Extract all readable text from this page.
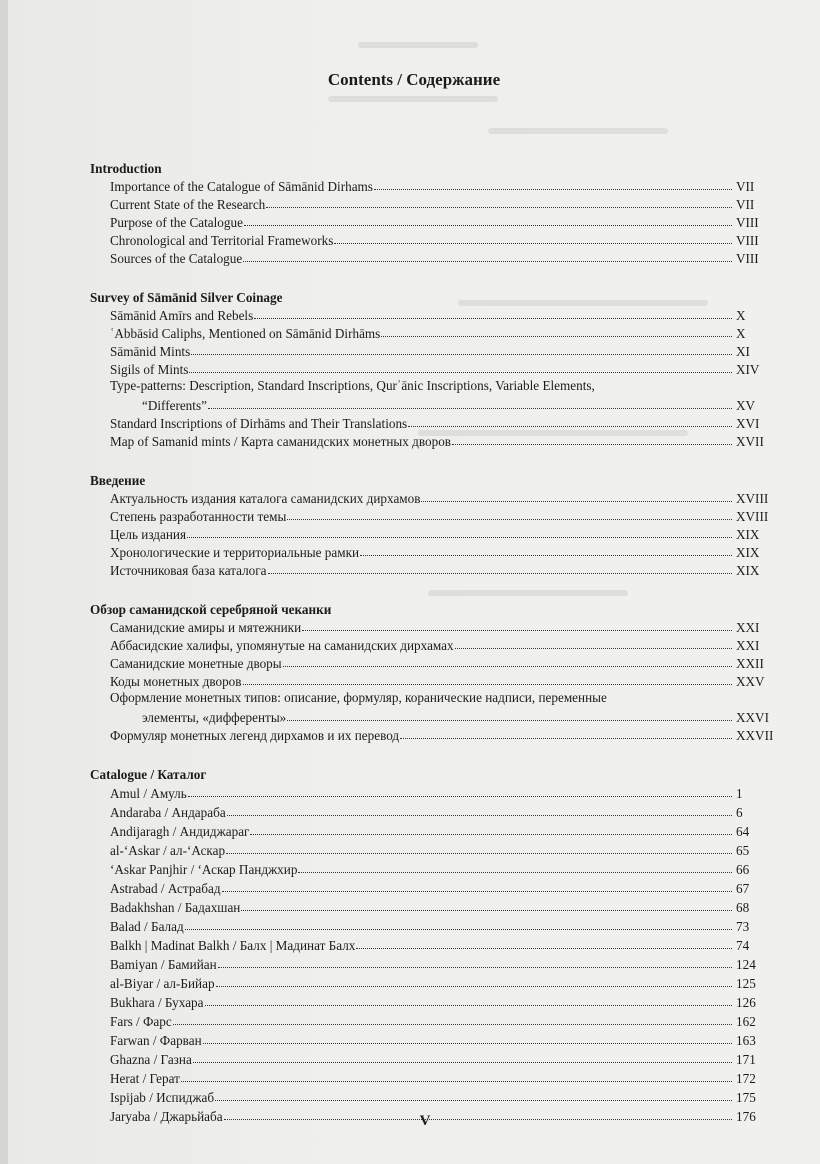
Contents / Содержание
Introduction
Importance of the Catalogue of Sāmānid Dirhams	VII
Current State of the Research	VII
Purpose of the Catalogue	VIII
Chronological and Territorial Frameworks	VIII
Sources of the Catalogue	VIII
Survey of Sāmānid Silver Coinage
Sāmānid Amīrs and Rebels	X
ʿAbbāsid Caliphs, Mentioned on Sāmānid Dirhāms	X
Sāmānid Mints	XI
Sigils of Mints	XIV
Type-patterns: Description, Standard Inscriptions, Qurʾānic Inscriptions, Variable Elements,
“Differents”	XV
Standard Inscriptions of Dirhāms and Their Translations	XVI
Map of Samanid mints / Карта саманидских монетных дворов	XVII
Введение
Актуальность издания каталога саманидских дирхамов	XVIII
Степень разработанности темы	XVIII
Цель издания	XIX
Хронологические и территориальные рамки	XIX
Источниковая база каталога	XIX
Обзор саманидской серебряной чеканки
Саманидские амиры и мятежники	XXI
Аббасидские халифы, упомянутые на саманидских дирхамах	XXI
Саманидские монетные дворы	XXII
Коды монетных дворов	XXV
Оформление монетных типов: описание, формуляр, коранические надписи, переменные
элементы, «дифференты»	XXVI
Формуляр монетных легенд дирхамов и их перевод	XXVII
Catalogue / Каталог
Amul / Амуль	1
Andaraba / Андараба	6
Andijaragh / Андиджараг	64
al-ʻAskar / ал-ʻАскар	65
ʻAskar Panjhir / ʻАскар Панджхир	66
Astrabad / Астрабад	67
Badakhshan / Бадахшан	68
Balad / Балад	73
Balkh | Madinat Balkh / Балх | Мадинат Балх	74
Bamiyan / Бамийан	124
al-Biyar / ал-Бийар	125
Bukhara / Бухара	126
Fars / Фарс	162
Farwan / Фарван	163
Ghazna / Газна	171
Herat / Герат	172
Ispijab / Испиджаб	175
Jaryaba / Джарьйаба	176
V
